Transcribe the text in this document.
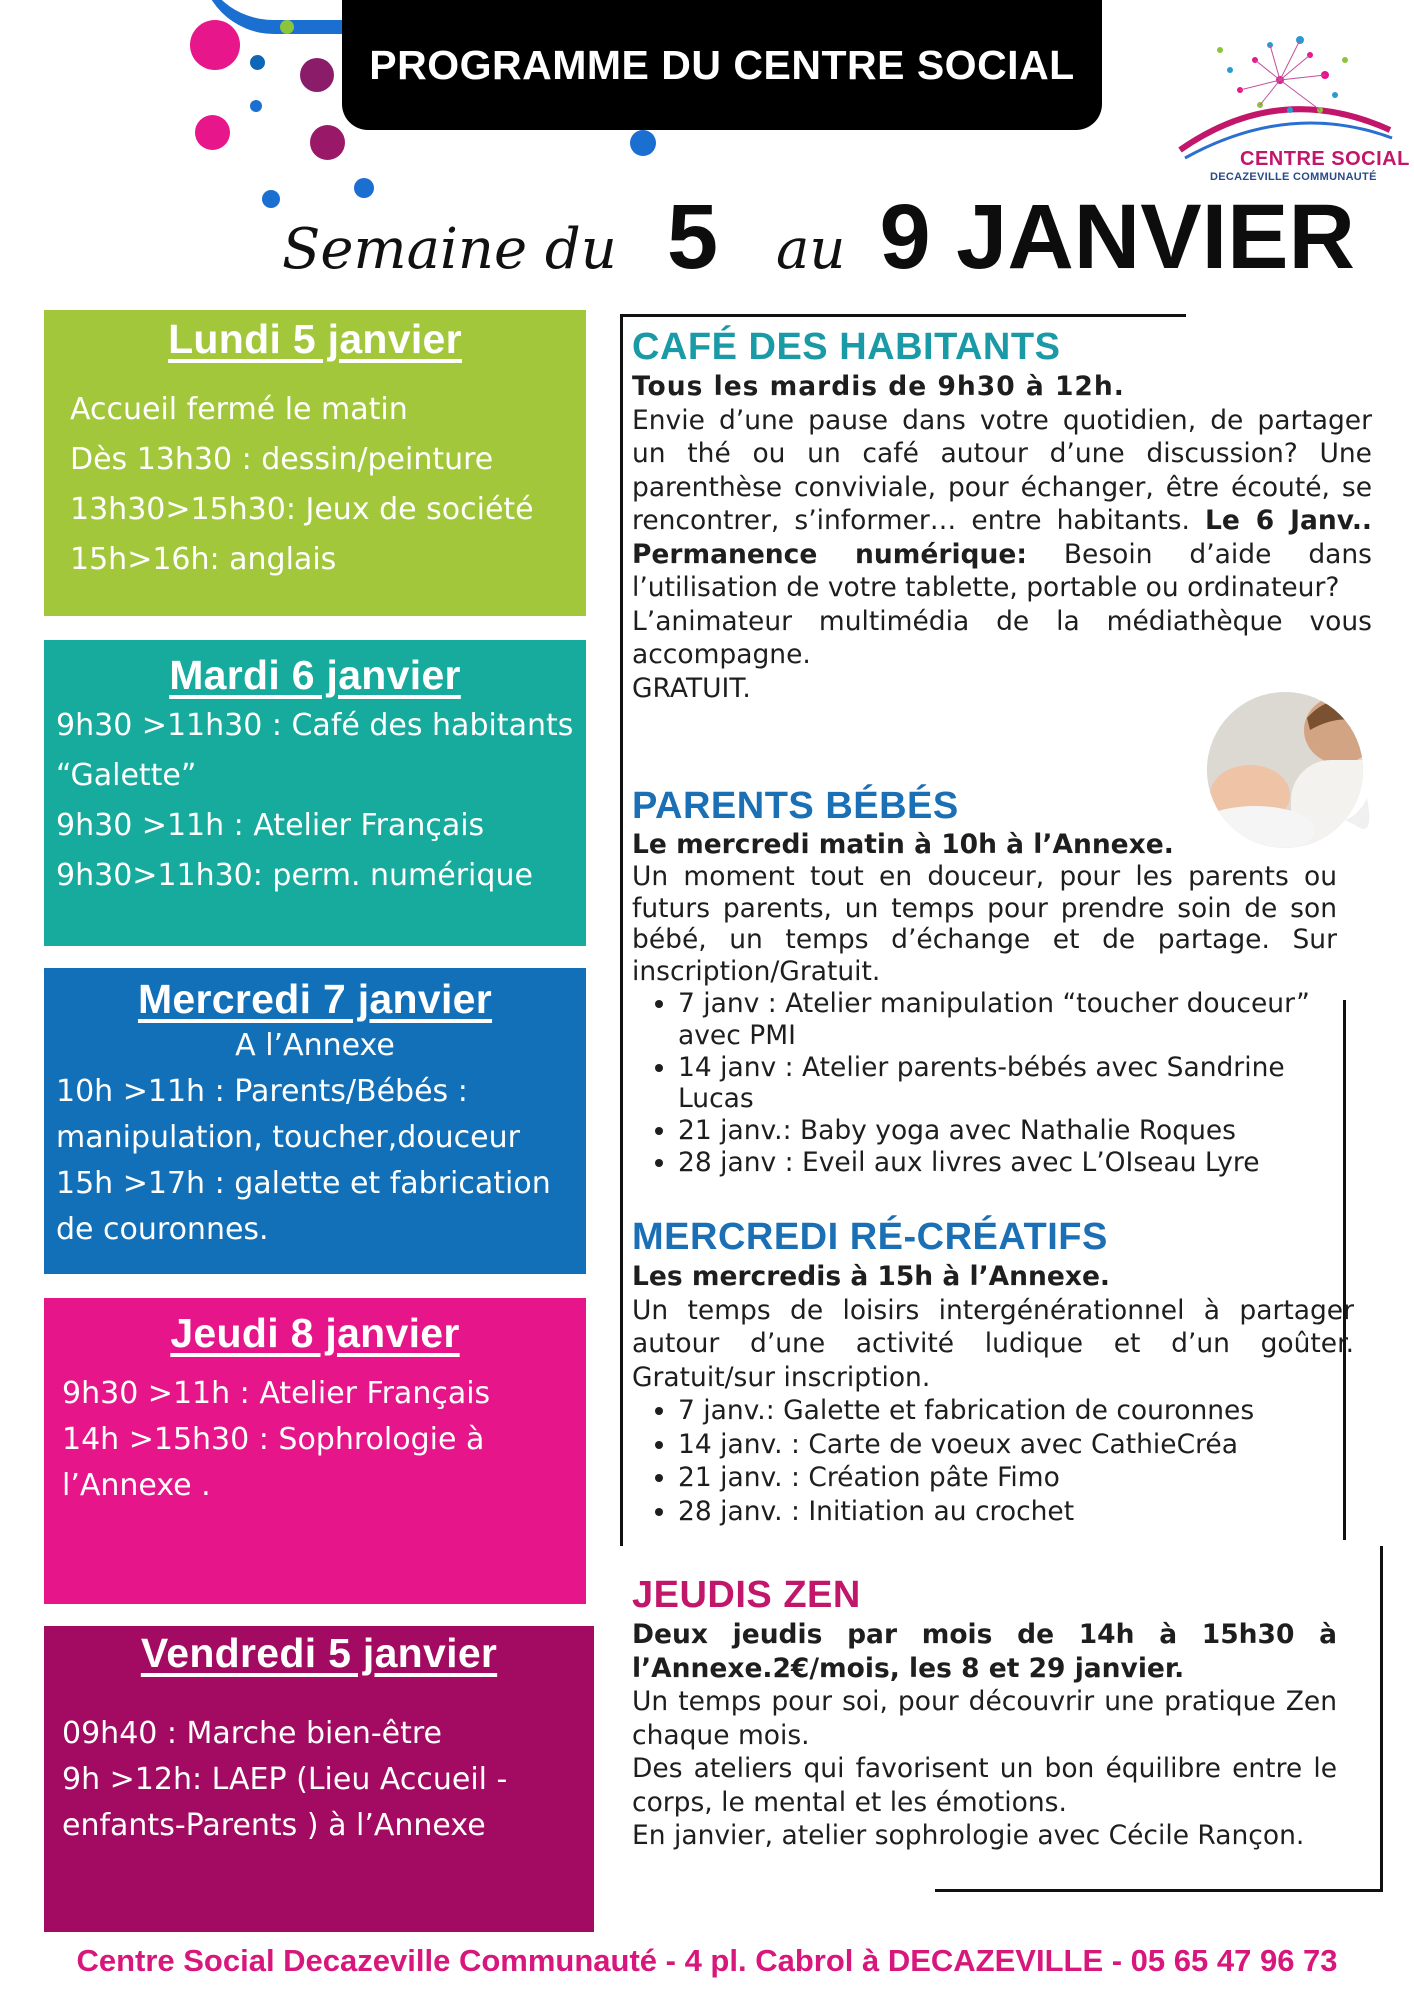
PROGRAMME DU CENTRE SOCIAL
CENTRE SOCIAL
DECAZEVILLE COMMUNAUTÉ
Semaine du 5 au 9 JANVIER
Lundi 5 janvier
Accueil fermé le matin
Dès 13h30 : dessin/peinture
13h30>15h30: Jeux de société
15h>16h: anglais
Mardi 6 janvier
9h30 >11h30 : Café des habitants
“Galette”
9h30 >11h : Atelier Français
9h30>11h30: perm. numérique
Mercredi 7 janvier
A l’Annexe
10h >11h : Parents/Bébés :
manipulation, toucher,douceur
15h >17h : galette et fabrication
de couronnes.
Jeudi 8 janvier
9h30 >11h : Atelier Français
14h >15h30 : Sophrologie à
l’Annexe .
Vendredi 5 janvier
09h40 : Marche bien-être
9h >12h: LAEP (Lieu Accueil -
enfants-Parents ) à l’Annexe
CAFÉ DES HABITANTS
Tous les mardis de 9h30 à 12h.
Envie d’une pause dans votre quotidien, de partager un thé ou un café autour d’une discussion? Une parenthèse conviviale, pour échanger, être écouté, se rencontrer, s’informer… entre habitants. Le 6 Janv.. Permanence numérique: Besoin d’aide dans l’utilisation de votre tablette, portable ou ordinateur?
L’animateur multimédia de la médiathèque vous accompagne.
GRATUIT.
PARENTS BÉBÉS
Le mercredi matin à 10h à l’Annexe.
Un moment tout en douceur, pour les parents ou futurs parents, un temps pour prendre soin de son bébé, un temps d’échange et de partage. Sur inscription/Gratuit.
• 7 janv : Atelier manipulation “toucher douceur” avec PMI
• 14 janv : Atelier parents-bébés avec Sandrine Lucas
• 21 janv.: Baby yoga avec Nathalie Roques
• 28 janv : Eveil aux livres avec L’OIseau Lyre
MERCREDI RÉ-CRÉATIFS
Les mercredis à 15h à l’Annexe.
Un temps de loisirs intergénérationnel à partager autour d’une activité ludique et d’un goûter. Gratuit/sur inscription.
• 7 janv.: Galette et fabrication de couronnes
• 14 janv. : Carte de voeux avec CathieCréa
• 21 janv. : Création pâte Fimo
• 28 janv. : Initiation au crochet
JEUDIS ZEN
Deux jeudis par mois de 14h à 15h30 à l’Annexe.2€/mois, les 8 et 29 janvier.
Un temps pour soi, pour découvrir une pratique Zen chaque mois.
Des ateliers qui favorisent un bon équilibre entre le corps, le mental et les émotions.
En janvier, atelier sophrologie avec Cécile Rançon.
Centre Social Decazeville Communauté - 4 pl. Cabrol à DECAZEVILLE - 05 65 47 96 73
